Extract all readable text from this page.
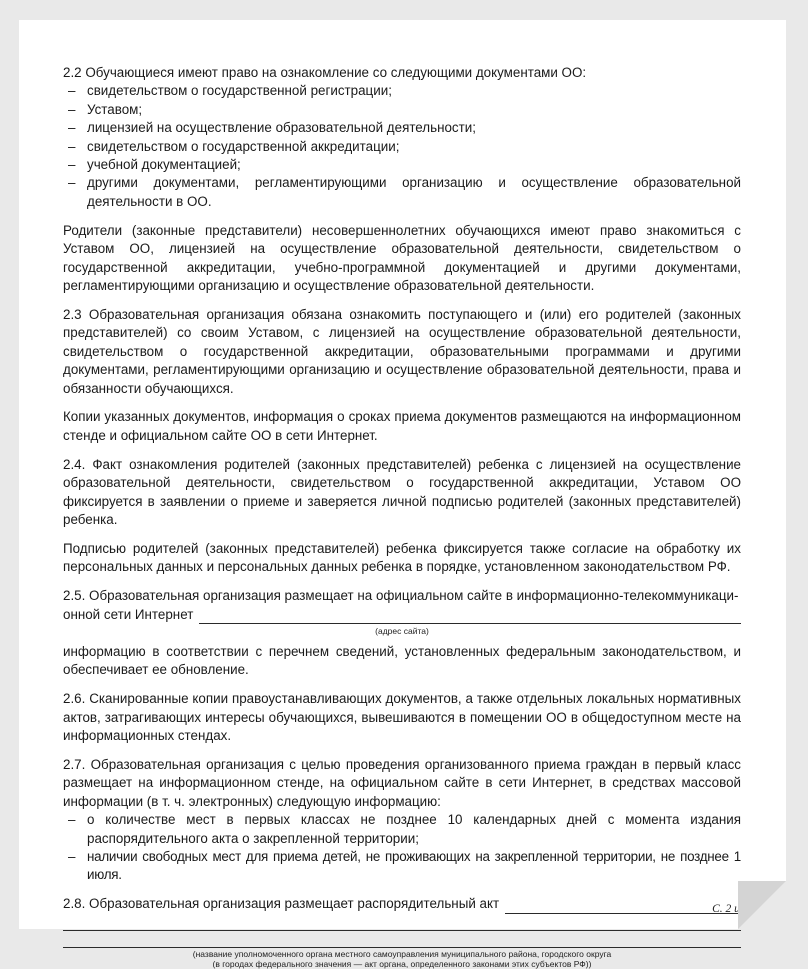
2.2 Обучающиеся имеют право на ознакомление со следующими документами ОО:

– свидетельством о государственной регистрации;
– Уставом;
– лицензией на осуществление образовательной деятельности;
– свидетельством о государственной аккредитации;
– учебной документацией;
– другими документами, регламентирующими организацию и осуществление образовательной деятельности в ОО.

Родители (законные представители) несовершеннолетних обучающихся имеют право знакомиться с Уставом ОО, лицензией на осуществление образовательной деятельности, свидетельством о государственной аккредитации, учебно-программной документацией и другими документами, регламентирующими организацию и осуществление образовательной деятельности.

2.3 Образовательная организация обязана ознакомить поступающего и (или) его родителей (законных представителей) со своим Уставом, с лицензией на осуществление образовательной деятельности, свидетельством о государственной аккредитации, образовательными программами и другими документами, регламентирующими организацию и осуществление образовательной деятельности, права и обязанности обучающихся.

Копии указанных документов, информация о сроках приема документов размещаются на информационном стенде и официальном сайте ОО в сети Интернет.

2.4. Факт ознакомления родителей (законных представителей) ребенка с лицензией на осуществление образовательной деятельности, свидетельством о государственной аккредитации, Уставом ОО фиксируется в заявлении о приеме и заверяется личной подписью родителей (законных представителей) ребенка.

Подписью родителей (законных представителей) ребенка фиксируется также согласие на обработку их персональных данных и персональных данных ребенка в порядке, установленном законодательством РФ.

2.5. Образовательная организация размещает на официальном сайте в информационно-телекоммуникаци-

онной сети Интернет
(адрес сайта)

информацию в соответствии с перечнем сведений, установленных федеральным законодательством, и обеспечивает ее обновление.

2.6. Сканированные копии правоустанавливающих документов, а также отдельных локальных нормативных актов, затрагивающих интересы обучающихся, вывешиваются в помещении ОО в общедоступном месте на информационных стендах.

2.7. Образовательная организация с целью проведения организованного приема граждан в первый класс размещает на информационном стенде, на официальном сайте в сети Интернет, в средствах массовой информации (в т. ч. электронных) следующую информацию:

– о количестве мест в первых классах не позднее 10 календарных дней с момента издания распорядительного акта о закрепленной территории;
– наличии свободных мест для приема детей, не проживающих на закрепленной территории, не позднее 1 июля.
2.8. Образовательная организация размещает распорядительный акт
(название уполномоченного органа местного самоуправления муниципального района, городского округа
(в городах федерального значения — акт органа, определенного законами этих субъектов РФ))
С. 2 из 3
